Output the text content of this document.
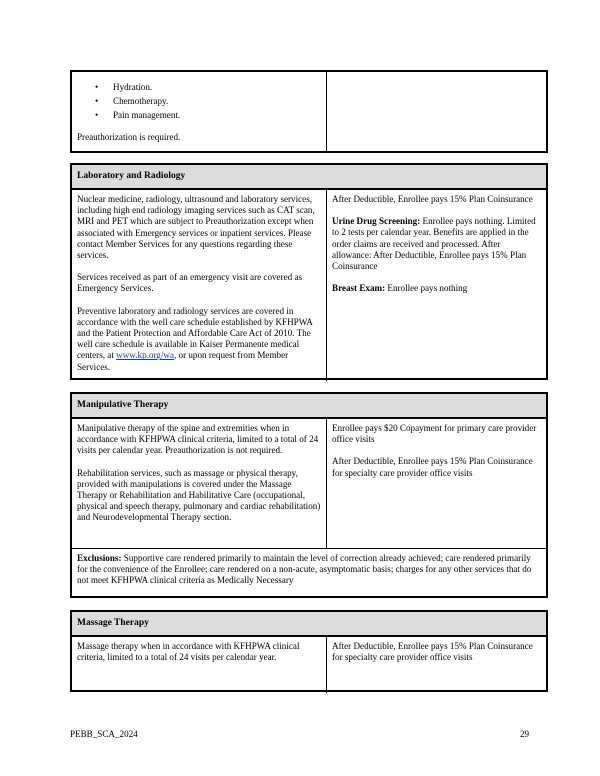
• Hydration.
• Chemotherapy.
• Pain management.

Preauthorization is required.

Laboratory and Radiology

Nuclear medicine, radiology, ultrasound and laboratory services, including high end radiology imaging services such as CAT scan, MRI and PET which are subject to Preauthorization except when associated with Emergency services or inpatient services. Please contact Member Services for any questions regarding these services.

Services received as part of an emergency visit are covered as Emergency Services.

Preventive laboratory and radiology services are covered in accordance with the well care schedule established by KFHPWA and the Patient Protection and Affordable Care Act of 2010. The well care schedule is available in Kaiser Permanente medical centers, at www.kp.org/wa, or upon request from Member Services.

After Deductible, Enrollee pays 15% Plan Coinsurance

Urine Drug Screening: Enrollee pays nothing. Limited to 2 tests per calendar year. Benefits are applied in the order claims are received and processed. After allowance: After Deductible, Enrollee pays 15% Plan Coinsurance

Breast Exam: Enrollee pays nothing

Manipulative Therapy

Manipulative therapy of the spine and extremities when in accordance with KFHPWA clinical criteria, limited to a total of 24 visits per calendar year. Preauthorization is not required.

Rehabilitation services, such as massage or physical therapy, provided with manipulations is covered under the Massage Therapy or Rehabilitation and Habilitative Care (occupational, physical and speech therapy, pulmonary and cardiac rehabilitation) and Neurodevelopmental Therapy section.

Enrollee pays $20 Copayment for primary care provider office visits

After Deductible, Enrollee pays 15% Plan Coinsurance for specialty care provider office visits

Exclusions: Supportive care rendered primarily to maintain the level of correction already achieved; care rendered primarily for the convenience of the Enrollee; care rendered on a non-acute, asymptomatic basis; charges for any other services that do not meet KFHPWA clinical criteria as Medically Necessary
Massage Therapy

Massage therapy when in accordance with KFHPWA clinical criteria, limited to a total of 24 visits per calendar year.

After Deductible, Enrollee pays 15% Plan Coinsurance for specialty care provider office visits

PEBB_SCA_2024	29
